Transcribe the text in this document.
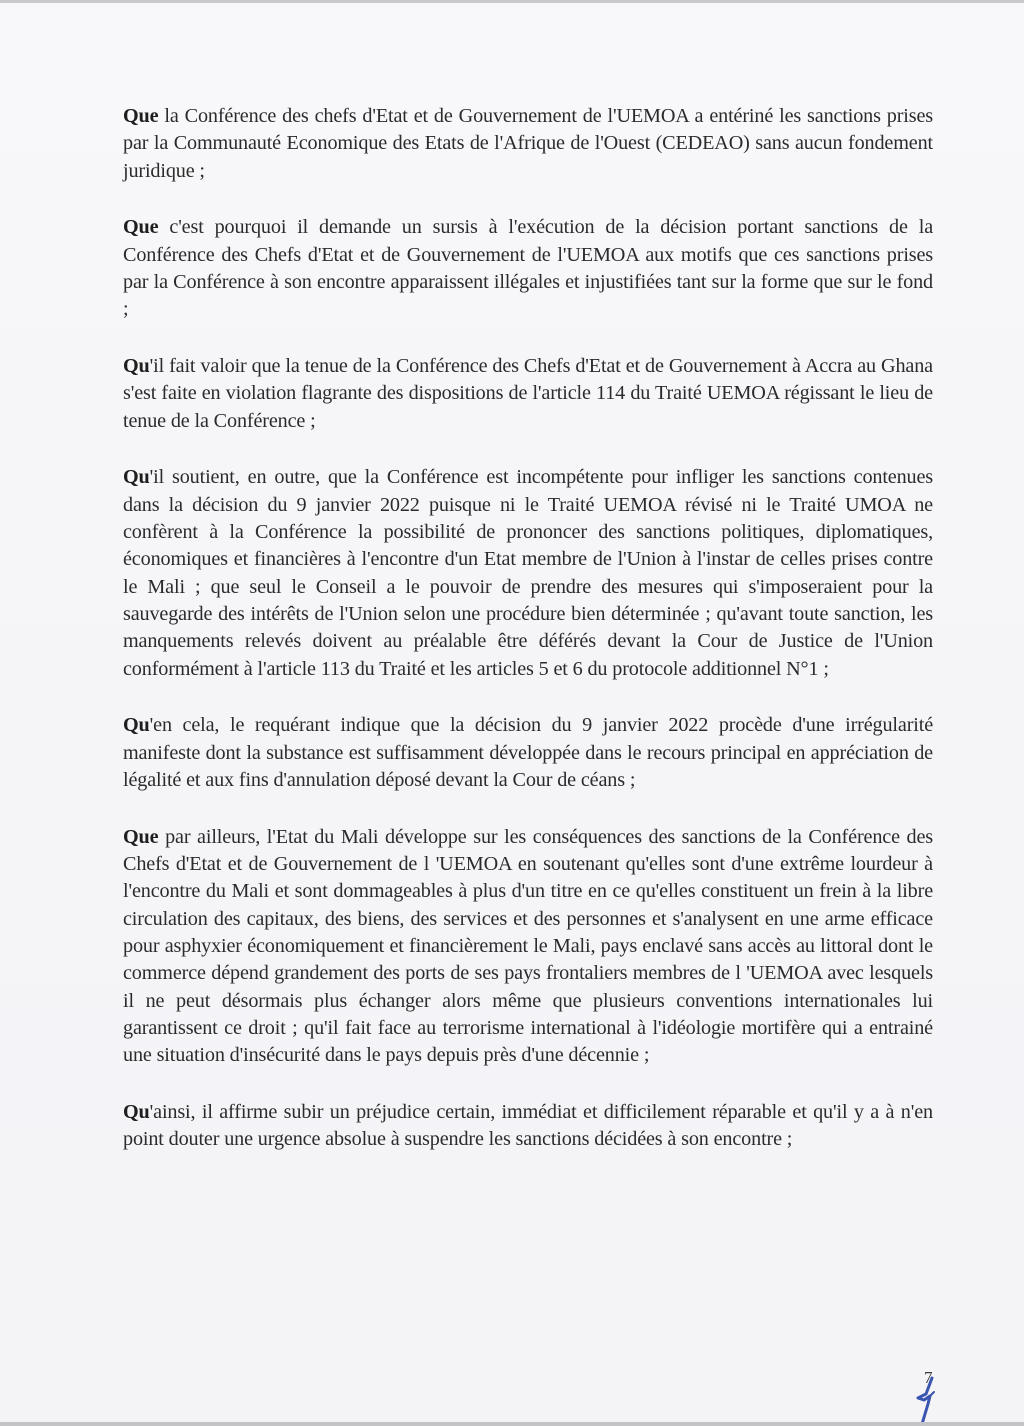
Que la Conférence des chefs d'Etat et de Gouvernement de l'UEMOA a entériné les sanctions prises par la Communauté Economique des Etats de l'Afrique de l'Ouest (CEDEAO) sans aucun fondement juridique ;

Que c'est pourquoi il demande un sursis à l'exécution de la décision portant sanctions de la Conférence des Chefs d'Etat et de Gouvernement de l'UEMOA aux motifs que ces sanctions prises par la Conférence à son encontre apparaissent illégales et injustifiées tant sur la forme que sur le fond ;

Qu'il fait valoir que la tenue de la Conférence des Chefs d'Etat et de Gouvernement à Accra au Ghana s'est faite en violation flagrante des dispositions de l'article 114 du Traité UEMOA régissant le lieu de tenue de la Conférence ;

Qu'il soutient, en outre, que la Conférence est incompétente pour infliger les sanctions contenues dans la décision du 9 janvier 2022 puisque ni le Traité UEMOA révisé ni le Traité UMOA ne confèrent à la Conférence la possibilité de prononcer des sanctions politiques, diplomatiques, économiques et financières à l'encontre d'un Etat membre de l'Union à l'instar de celles prises contre le Mali ; que seul le Conseil a le pouvoir de prendre des mesures qui s'imposeraient pour la sauvegarde des intérêts de l'Union selon une procédure bien déterminée ; qu'avant toute sanction, les manquements relevés doivent au préalable être déférés devant la Cour de Justice de l'Union conformément à l'article 113 du Traité et les articles 5 et 6 du protocole additionnel N°1 ;

Qu'en cela, le requérant indique que la décision du 9 janvier 2022 procède d'une irrégularité manifeste dont la substance est suffisamment développée dans le recours principal en appréciation de légalité et aux fins d'annulation déposé devant la Cour de céans ;

Que par ailleurs, l'Etat du Mali développe sur les conséquences des sanctions de la Conférence des Chefs d'Etat et de Gouvernement de l 'UEMOA en soutenant qu'elles sont d'une extrême lourdeur à l'encontre du Mali et sont dommageables à plus d'un titre en ce qu'elles constituent un frein à la libre circulation des capitaux, des biens, des services et des personnes et s'analysent en une arme efficace pour asphyxier économiquement et financièrement le Mali, pays enclavé sans accès au littoral dont le commerce dépend grandement des ports de ses pays frontaliers membres de l 'UEMOA avec lesquels il ne peut désormais plus échanger alors même que plusieurs conventions internationales lui garantissent ce droit ; qu'il fait face au terrorisme international à l'idéologie mortifère qui a entrainé une situation d'insécurité dans le pays depuis près d'une décennie ;

Qu'ainsi, il affirme subir un préjudice certain, immédiat et difficilement réparable et qu'il y a à n'en point douter une urgence absolue à suspendre les sanctions décidées à son encontre ;

7
